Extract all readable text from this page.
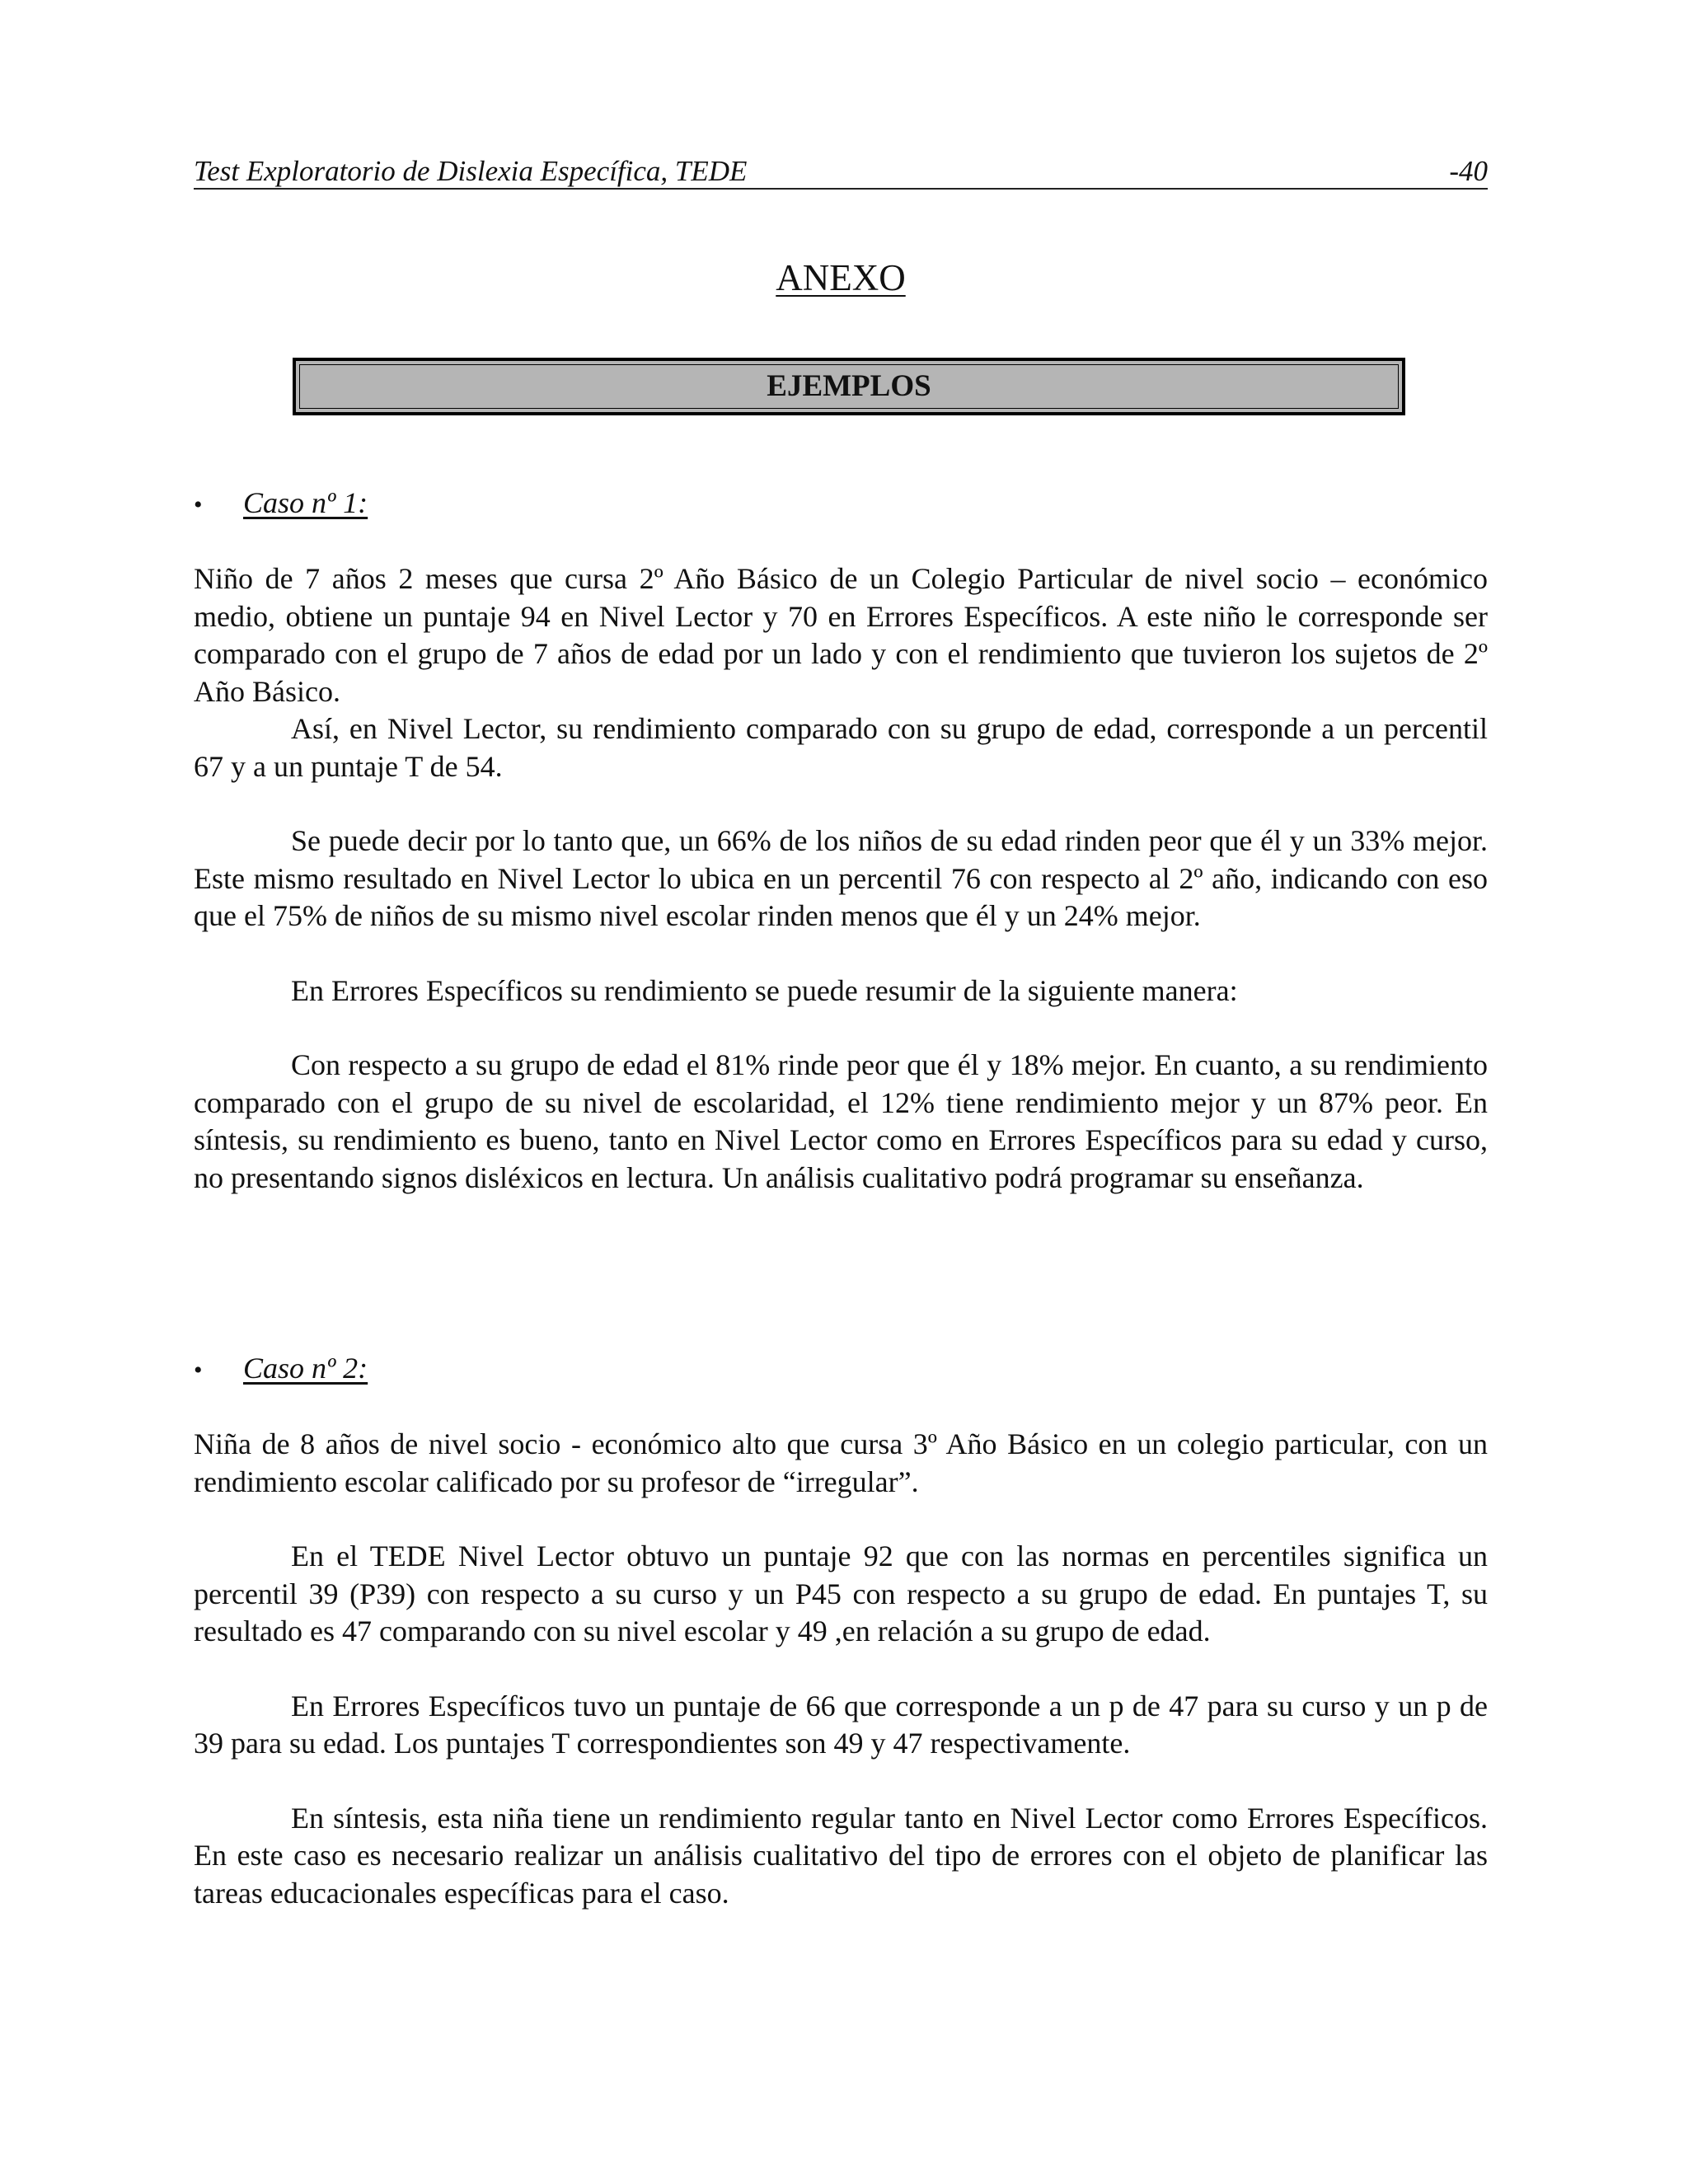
Test Exploratorio de Dislexia Específica, TEDE	-40
ANEXO
EJEMPLOS
• Caso nº 1:

Niño de 7 años 2 meses que cursa 2º Año Básico de un Colegio Particular de nivel socio – económico medio, obtiene un puntaje 94 en Nivel Lector y 70 en Errores Específicos. A este niño le corresponde ser comparado con el grupo de 7 años de edad por un lado y con el rendimiento que tuvieron los sujetos de 2º Año Básico.

Así, en Nivel Lector, su rendimiento comparado con su grupo de edad, corresponde a un percentil 67 y a un puntaje T de 54.

Se puede decir por lo tanto que, un 66% de los niños de su edad rinden peor que él y un 33% mejor. Este mismo resultado en Nivel Lector lo ubica en un percentil 76 con respecto al 2º año, indicando con eso que el 75% de niños de su mismo nivel escolar rinden menos que él y un 24% mejor.

En Errores Específicos su rendimiento se puede resumir de la siguiente manera:

Con respecto a su grupo de edad el 81% rinde peor que él y 18% mejor. En cuanto, a su rendimiento comparado con el grupo de su nivel de escolaridad, el 12% tiene rendimiento mejor y un 87% peor. En síntesis, su rendimiento es bueno, tanto en Nivel Lector como en Errores Específicos para su edad y curso, no presentando signos disléxicos en lectura. Un análisis cualitativo podrá programar su enseñanza.

• Caso nº 2:

Niña de 8 años de nivel socio - económico alto que cursa 3º Año Básico en un colegio particular, con un rendimiento escolar calificado por su profesor de “irregular”.

En el TEDE Nivel Lector obtuvo un puntaje 92 que con las normas en percentiles significa un percentil 39 (P39) con respecto a su curso y un P45 con respecto a su grupo de edad. En puntajes T, su resultado es 47 comparando con su nivel escolar y 49 ,en relación a su grupo de edad.

En Errores Específicos tuvo un puntaje de 66 que corresponde a un p de 47 para su curso y un p de 39 para su edad. Los puntajes T correspondientes son 49 y 47 respectivamente.

En síntesis, esta niña tiene un rendimiento regular tanto en Nivel Lector como Errores Específicos. En este caso es necesario realizar un análisis cualitativo del tipo de errores con el objeto de planificar las tareas educacionales específicas para el caso.
